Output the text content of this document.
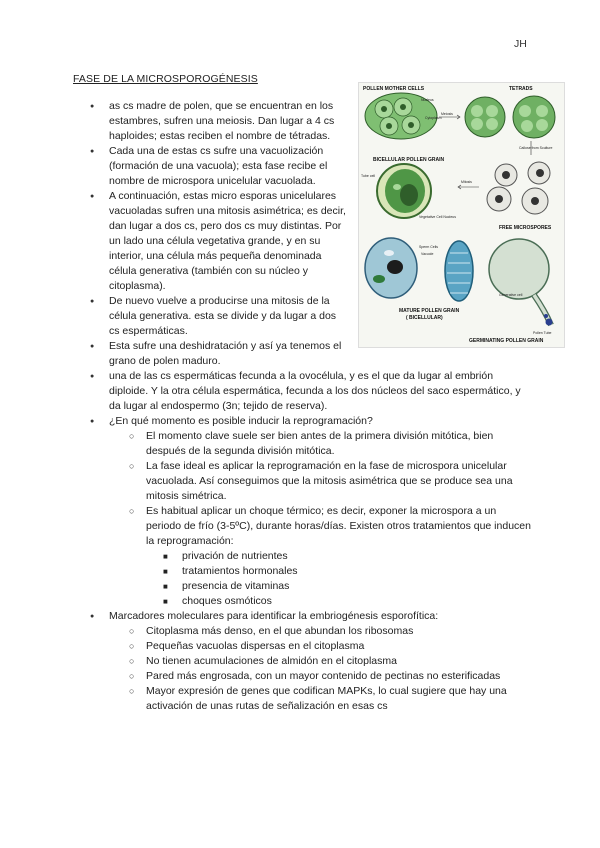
JH
FASE DE LA MICROSPOROGÉNESIS
POLLEN MOTHER CELLS
Nucleus
Cytoplasm
Meiosis
TETRADS
Callose from Sculture
BICELLULAR POLLEN GRAIN
Tube cell
Vegetative Cell Nucleus
Mitosis
FREE MICROSPORES
Sperm Cells
Vacuole
MATURE POLLEN GRAIN
( BICELLULAR)
Generative cell
Pollen Tube
GERMINATING POLLEN GRAIN
● as cs madre de polen, que se encuentran en los estambres, sufren una meiosis. Dan lugar a 4 cs haploides; estas reciben el nombre de tétradas.
● Cada una de estas cs sufre una vacuolización (formación de una vacuola); esta fase recibe el nombre de microspora unicelular vacuolada.
● A continuación, estas micro esporas unicelulares vacuoladas sufren una mitosis asimétrica; es decir, dan lugar a dos cs, pero dos cs muy distintas. Por un lado una célula vegetativa grande, y en su interior, una célula más pequeña denominada célula generativa (también con su núcleo y citoplasma).
● De nuevo vuelve a producirse una mitosis de la célula generativa. esta se divide y da lugar a dos cs espermáticas.
● Esta sufre una deshidratación y así ya tenemos el grano de polen maduro.
● una de las cs espermáticas fecunda a la ovocélula, y es el que da lugar al embrión diploide. Y la otra célula espermática, fecunda a los dos núcleos del saco espermático, y da lugar al endospermo (3n; tejido de reserva).
● ¿En qué momento es posible inducir la reprogramación?
○ El momento clave suele ser bien antes de la primera división mitótica, bien después de la segunda división mitótica.
○ La fase ideal es aplicar la reprogramación en la fase de microspora unicelular vacuolada. Así conseguimos que la mitosis asimétrica que se produce sea una mitosis simétrica.
○ Es habitual aplicar un choque térmico; es decir, exponer la microspora a un periodo de frío (3-5ºC), durante horas/días. Existen otros tratamientos que inducen la reprogramación:
■ privación de nutrientes
■ tratamientos hormonales
■ presencia de vitaminas
■ choques osmóticos
● Marcadores moleculares para identificar la embriogénesis esporofítica:
○ Citoplasma más denso, en el que abundan los ribosomas
○ Pequeñas vacuolas dispersas en el citoplasma
○ No tienen acumulaciones de almidón en el citoplasma
○ Pared más engrosada, con un mayor contenido de pectinas no esterificadas
○ Mayor expresión de genes que codifican MAPKs, lo cual sugiere que hay una activación de unas rutas de señalización en esas cs
